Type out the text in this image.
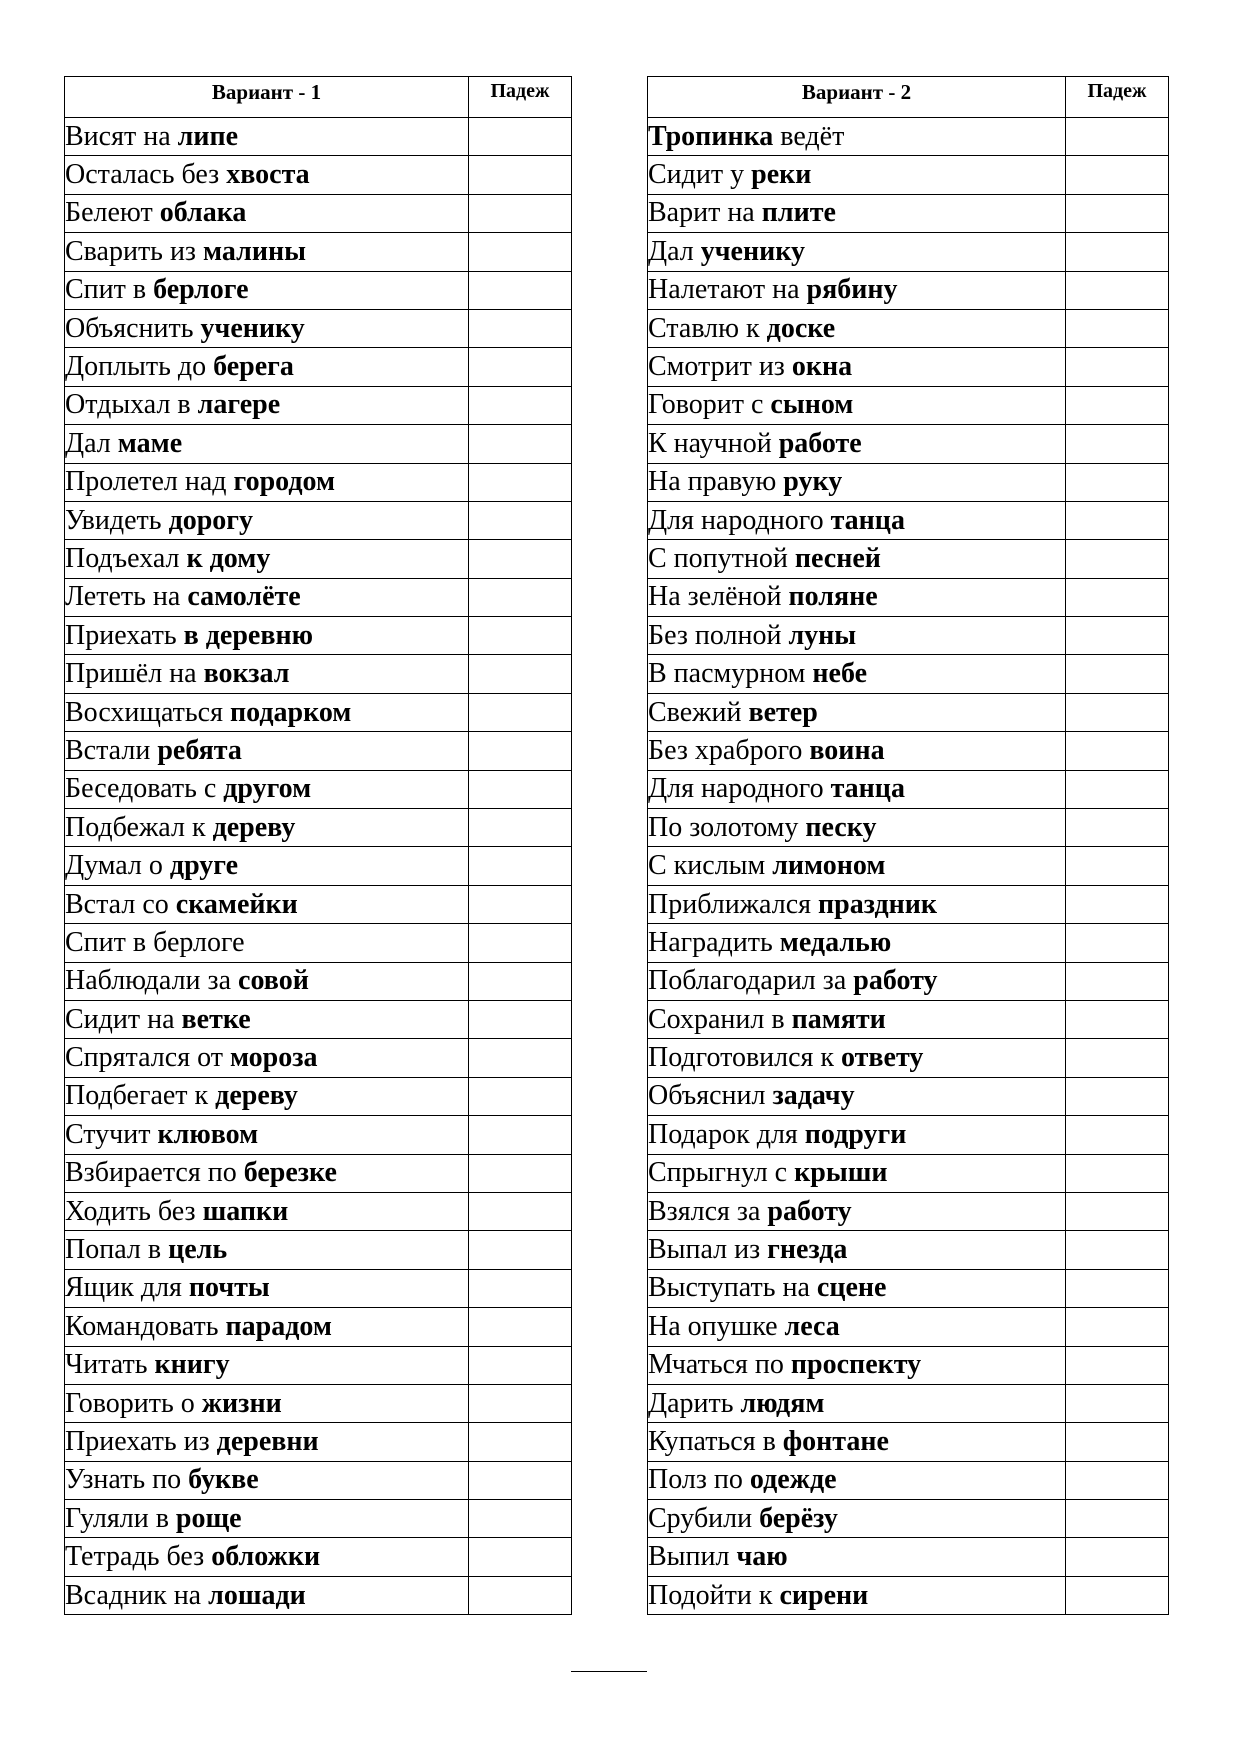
Вариант - 1	Падеж
Висят на липе	
Осталась без хвоста	
Белеют облака	
Сварить из малины	
Спит в берлоге	
Объяснить ученику	
Доплыть до берега	
Отдыхал в лагере	
Дал маме	
Пролетел над городом	
Увидеть дорогу	
Подъехал к дому	
Лететь на самолёте	
Приехать в деревню	
Пришёл на вокзал	
Восхищаться подарком	
Встали ребята	
Беседовать с другом	
Подбежал к дереву	
Думал о друге	
Встал со скамейки	
Спит в берлоге	
Наблюдали за совой	
Сидит на ветке	
Спрятался от мороза	
Подбегает к дереву	
Стучит клювом	
Взбирается по березке	
Ходить без шапки	
Попал в цель	
Ящик для почты	
Командовать парадом	
Читать книгу	
Говорить о жизни	
Приехать из деревни	
Узнать по букве	
Гуляли в роще	
Тетрадь без обложки	
Всадник на лошади	
Вариант - 2	Падеж
Тропинка ведёт	
Сидит у реки	
Варит на плите	
Дал ученику	
Налетают на рябину	
Ставлю к доске	
Смотрит из окна	
Говорит с сыном	
К научной работе	
На правую руку	
Для народного танца	
С попутной песней	
На зелёной поляне	
Без полной луны	
В пасмурном небе	
Свежий ветер	
Без храброго воина	
Для народного танца	
По золотому песку	
С кислым лимоном	
Приближался праздник	
Наградить медалью	
Поблагодарил за работу	
Сохранил в памяти	
Подготовился к ответу	
Объяснил задачу	
Подарок для подруги	
Спрыгнул с крыши	
Взялся за работу	
Выпал из гнезда	
Выступать на сцене	
На опушке леса	
Мчаться по проспекту	
Дарить людям	
Купаться в фонтане	
Полз по одежде	
Срубили берёзу	
Выпил чаю	
Подойти к сирени	
